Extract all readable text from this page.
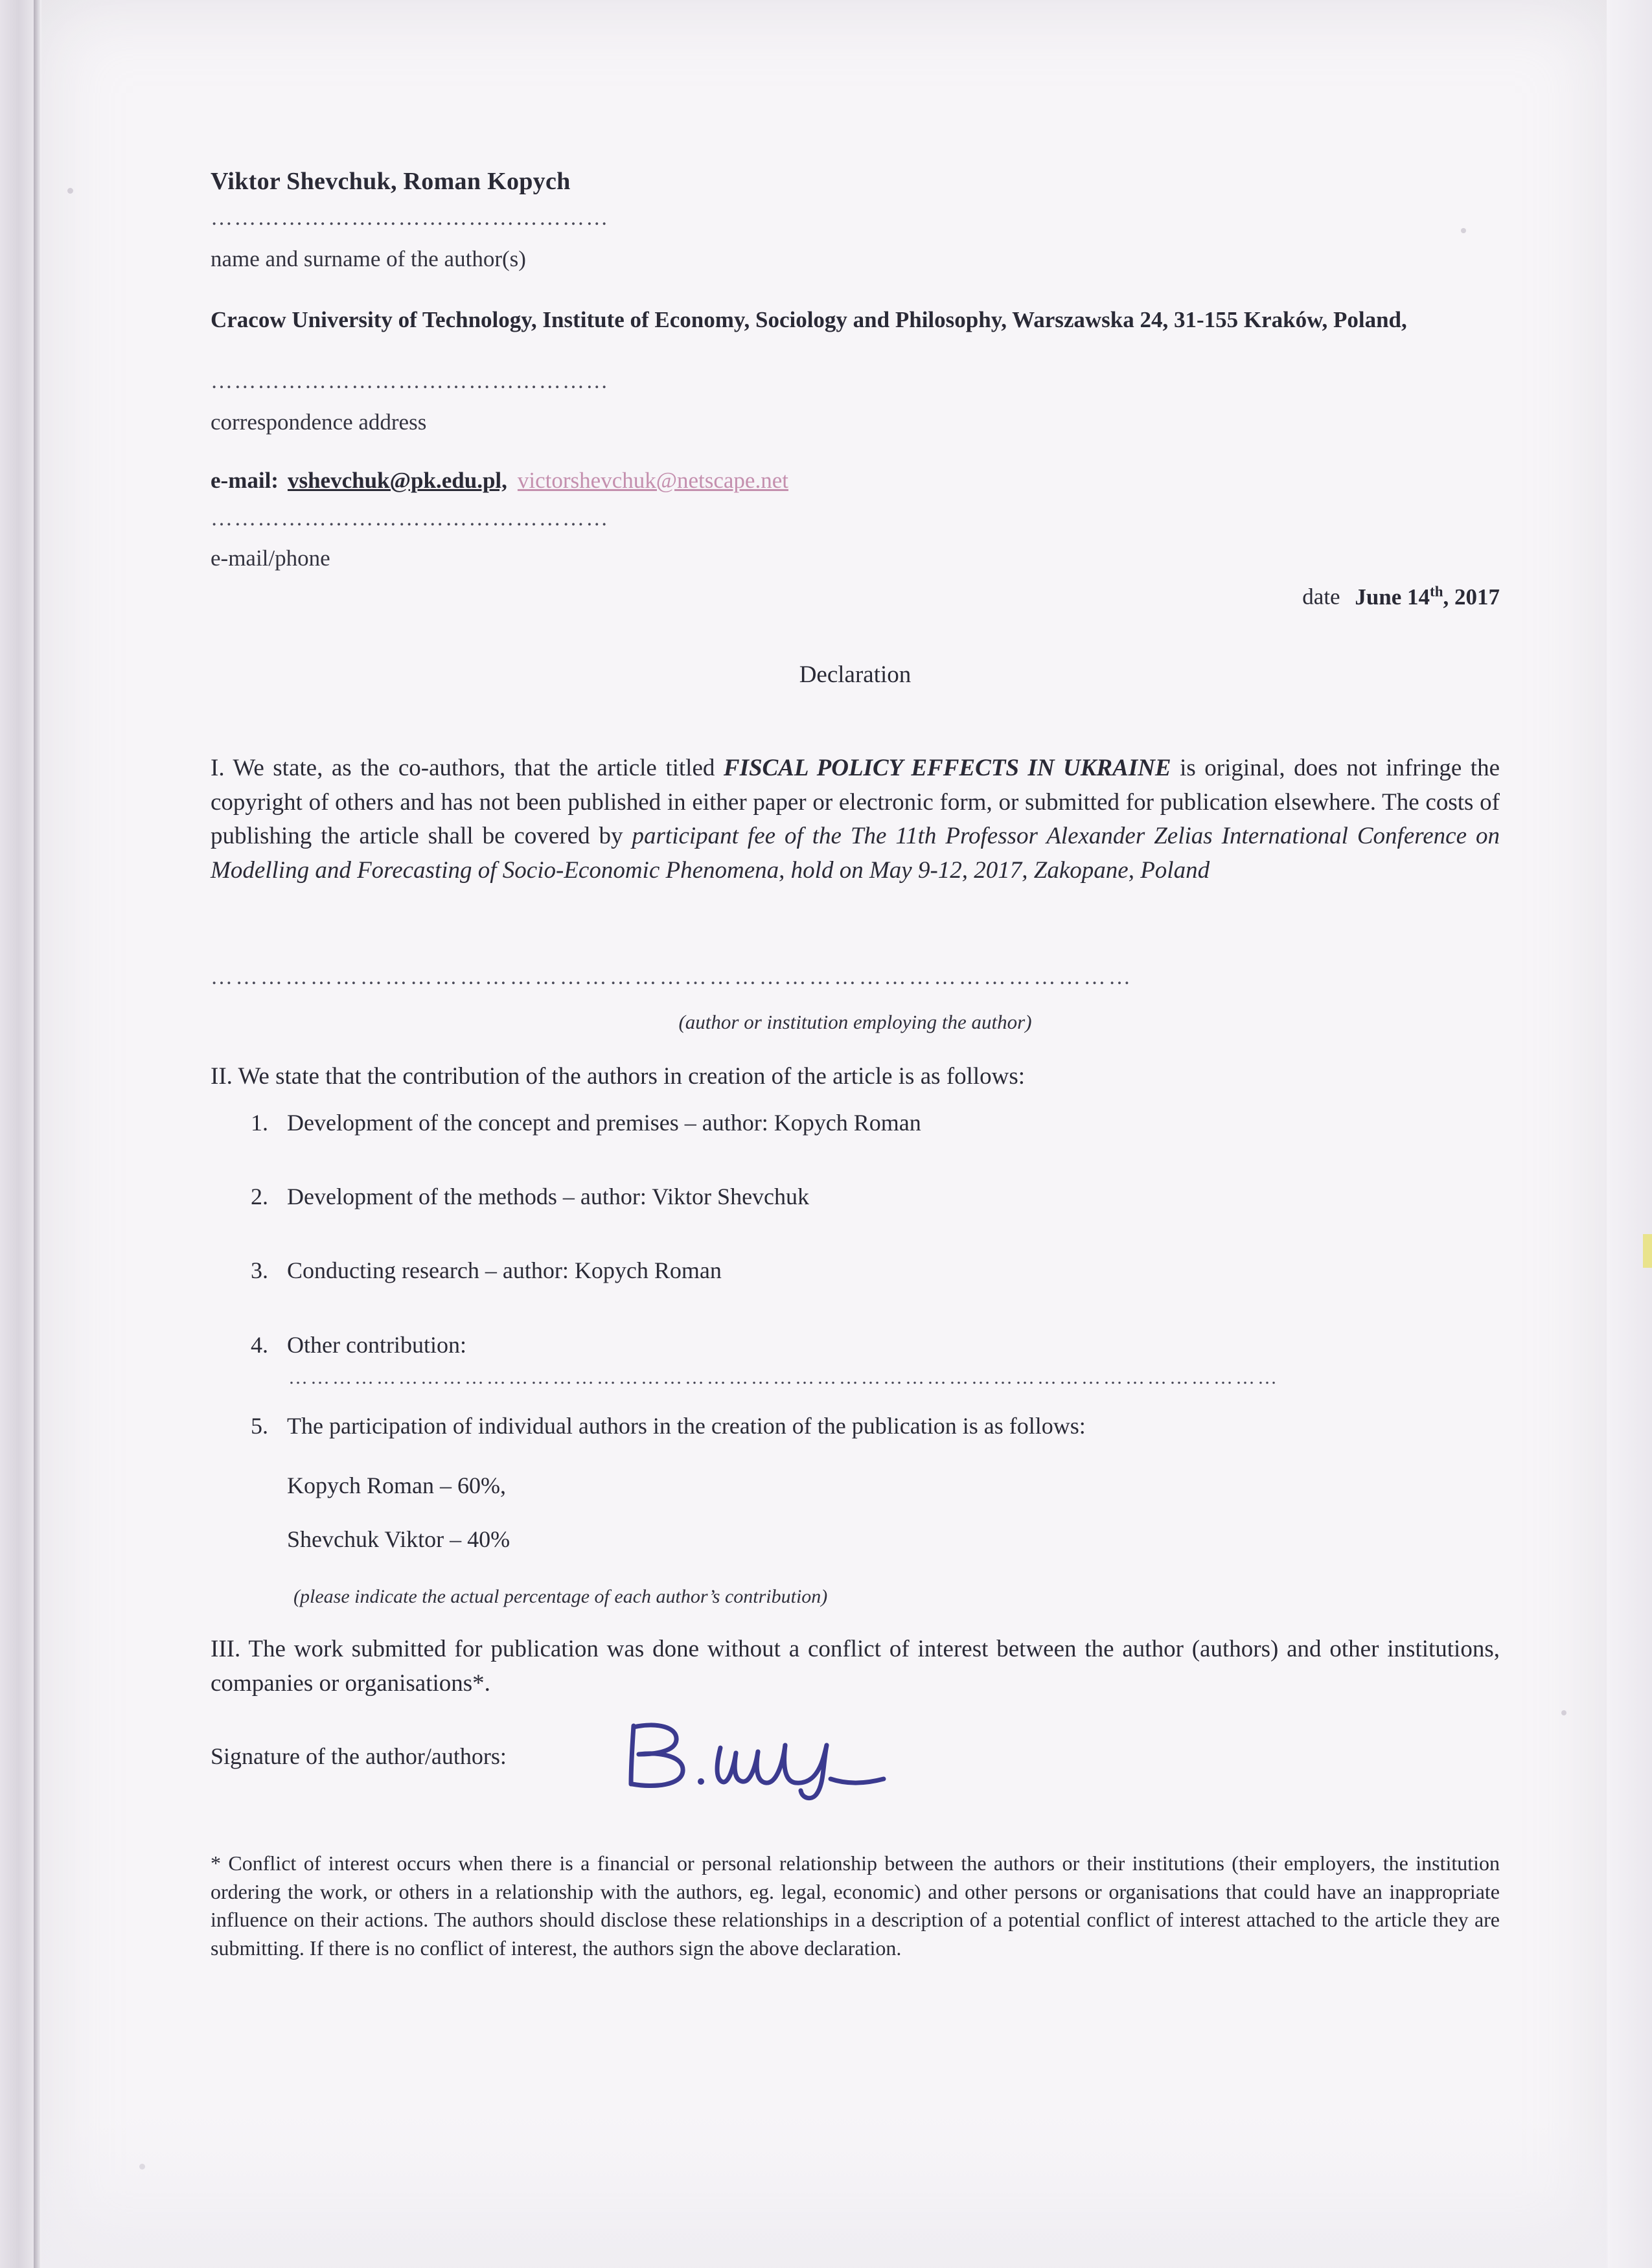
Viktor Shevchuk, Roman Kopych
……………………………………………
name and surname of the author(s)
Cracow University of Technology, Institute of Economy, Sociology and Philosophy, Warszawska 24, 31-155 Kraków, Poland,
……………………………………………
correspondence address
e-mail: vshevchuk@pk.edu.pl, victorshevchuk@netscape.net
……………………………………………
e-mail/phone
date June 14th, 2017
Declaration
I. We state, as the co-authors, that the article titled FISCAL POLICY EFFECTS IN UKRAINE is original, does not infringe the copyright of others and has not been published in either paper or electronic form, or submitted for publication elsewhere. The costs of publishing the article shall be covered by participant fee of the The 11th Professor Alexander Zelias International Conference on Modelling and Forecasting of Socio-Economic Phenomena, hold on May 9-12, 2017, Zakopane, Poland
…………………………………………………………………………………………………
(author or institution employing the author)
II. We state that the contribution of the authors in creation of the article is as follows:
1. Development of the concept and premises – author: Kopych Roman
2. Development of the methods – author: Viktor Shevchuk
3. Conducting research – author: Kopych Roman
4. Other contribution:
………………………………………………………………………………………………………………………
5. The participation of individual authors in the creation of the publication is as follows:
Kopych Roman – 60%,
Shevchuk Viktor – 40%
(please indicate the actual percentage of each author’s contribution)
III. The work submitted for publication was done without a conflict of interest between the author (authors) and other institutions, companies or organisations*.
Signature of the author/authors:
* Conflict of interest occurs when there is a financial or personal relationship between the authors or their institutions (their employers, the institution ordering the work, or others in a relationship with the authors, eg. legal, economic) and other persons or organisations that could have an inappropriate influence on their actions. The authors should disclose these relationships in a description of a potential conflict of interest attached to the article they are submitting. If there is no conflict of interest, the authors sign the above declaration.
